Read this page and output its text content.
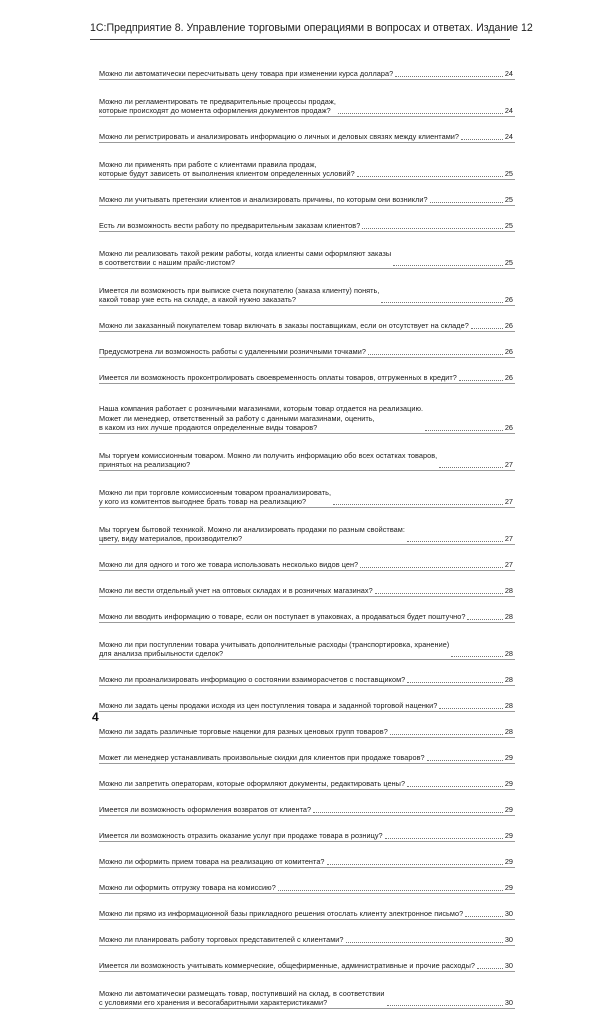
1С:Предприятие 8. Управление торговыми операциями в вопросах и ответах. Издание 12
Можно ли автоматически пересчитывать цену товара при изменении курса доллара?	24
Можно ли регламентировать те предварительные процессы продаж,
которые происходят до момента оформления документов продаж?	24
Можно ли регистрировать и анализировать информацию о личных и деловых связях между клиентами?	24
Можно ли применять при работе с клиентами правила продаж,
которые будут зависеть от выполнения клиентом определенных условий?	25
Можно ли учитывать претензии клиентов и анализировать причины, по которым они возникли?	25
Есть ли возможность вести работу по предварительным заказам клиентов?	25
Можно ли реализовать такой режим работы, когда клиенты сами оформляют заказы
в соответствии с нашим прайс-листом?	25
Имеется ли возможность при выписке счета покупателю (заказа клиенту) понять,
какой товар уже есть на складе, а какой нужно заказать?	26
Можно ли заказанный покупателем товар включать в заказы поставщикам, если он отсутствует на складе?	26
Предусмотрена ли возможность работы с удаленными розничными точками?	26
Имеется ли возможность проконтролировать своевременность оплаты товаров, отгруженных в кредит?	26
Наша компания работает с розничными магазинами, которым товар отдается на реализацию.
Может ли менеджер, ответственный за работу с данными магазинами, оценить,
в каком из них лучше продаются определенные виды товаров?	26
Мы торгуем комиссионным товаром. Можно ли получить информацию обо всех остатках товаров,
принятых на реализацию?	27
Можно ли при торговле комиссионным товаром проанализировать,
у кого из комитентов выгоднее брать товар на реализацию?	27
Мы торгуем бытовой техникой. Можно ли анализировать продажи по разным свойствам:
цвету, виду материалов, производителю?	27
Можно ли для одного и того же товара использовать несколько видов цен?	27
Можно ли вести отдельный учет на оптовых складах и в розничных магазинах?	28
Можно ли вводить информацию о товаре, если он поступает в упаковках, а продаваться будет поштучно?	28
Можно ли при поступлении товара учитывать дополнительные расходы (транспортировка, хранение)
для анализа прибыльности сделок?	28
Можно ли проанализировать информацию о состоянии взаиморасчетов с поставщиком?	28
Можно ли задать цены продажи исходя из цен поступления товара и заданной торговой наценки?	28
Можно ли задать различные торговые наценки для разных ценовых групп товаров?	28
Может ли менеджер устанавливать произвольные скидки для клиентов при продаже товаров?	29
Можно ли запретить операторам, которые оформляют документы, редактировать цены?	29
Имеется ли возможность оформления возвратов от клиента?	29
Имеется ли возможность отразить оказание услуг при продаже товара в розницу?	29
Можно ли оформить прием товара на реализацию от комитента?	29
Можно ли оформить отгрузку товара на комиссию?	29
Можно ли прямо из информационной базы прикладного решения отослать клиенту электронное письмо?	30
Можно ли планировать работу торговых представителей с клиентами?	30
Имеется ли возможность учитывать коммерческие, общефирменные, административные и прочие расходы?	30
Можно ли автоматически размещать товар, поступивший на склад, в соответствии
с условиями его хранения и весогабаритными характеристиками?	30
4
